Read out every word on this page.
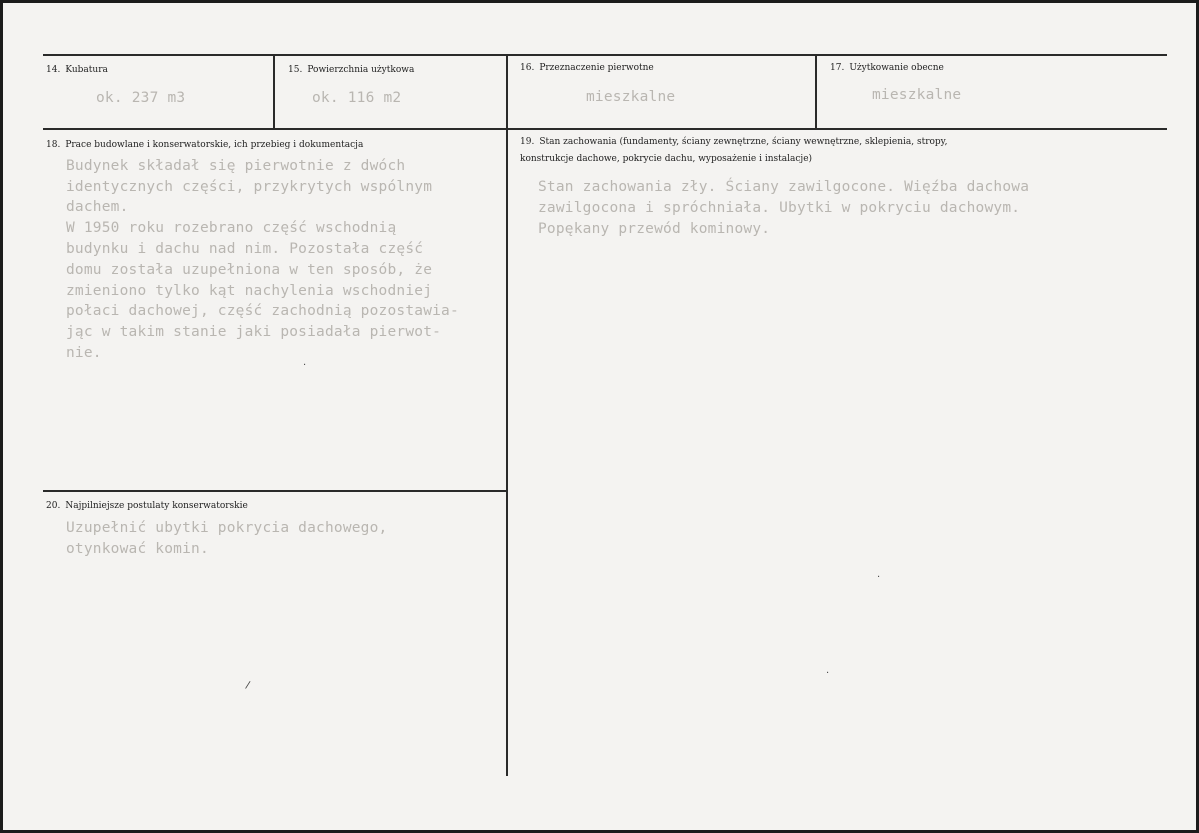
14. Kubatura
ok. 237 m3
15. Powierzchnia użytkowa
ok. 116 m2
16. Przeznaczenie pierwotne
mieszkalne
17. Użytkowanie obecne
mieszkalne
18. Prace budowlane i konserwatorskie, ich przebieg i dokumentacja
Budynek składał się pierwotnie z dwóch
identycznych części, przykrytych wspólnym
dachem.
W 1950 roku rozebrano część wschodnią
budynku i dachu nad nim. Pozostała część
domu została uzupełniona w ten sposób, że
zmieniono tylko kąt nachylenia wschodniej
połaci dachowej, część zachodnią pozostawia-
jąc w takim stanie jaki posiadała pierwot-
nie.
19. Stan zachowania (fundamenty, ściany zewnętrzne, ściany wewnętrzne, sklepienia, stropy,
konstrukcje dachowe, pokrycie dachu, wyposażenie i instalacje)
Stan zachowania zły. Ściany zawilgocone. Więźba dachowa
zawilgocona i spróchniała. Ubytki w pokryciu dachowym.
Popękany przewód kominowy.
20. Najpilniejsze postulaty konserwatorskie
Uzupełnić ubytki pokrycia dachowego,
otynkować komin.
·
·
·
/
